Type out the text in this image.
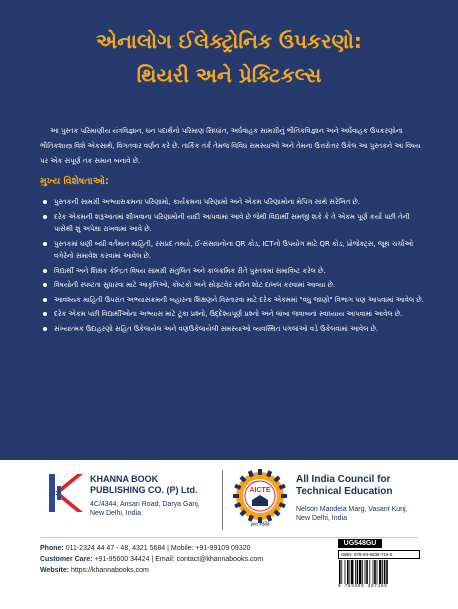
એનાલોગ ઈલેક્ટ્રોનિક ઉપકરણો:
થિયરી અને પ્રેક્ટિકલ્સ
આ પુસ્તક પરિમાણીય યંત્રવિજ્ઞાન, ઘન પદાર્થનો પરિમાણ સિધ્ધાંત, અર્ધવાહક સામગ્રીનું ભૌતિકવિજ્ઞાન અને અર્ધવાહક ઉપકરણોના ભૌતિકશાસ્ત્ર વિશે એકસાથે, વિગતવાર વર્ણન કરે છે. તાર્કિક તર્ક તેમજ વિવિધ સમસ્યાઓ અને તેમના ઉત્તરોત્તર ઉકેલ આ પુસ્તકને આ વિષય પર એક સંપૂર્ણ તક સમાન બનાવે છે.
મુખ્ય વિશેષતાઓ:
પુસ્તકની સામગ્રી અભ્યાસક્રમના પરિણામો, કાર્યક્રમના પરિણામો અને એકમ પરિણામોના મેપિંગ સાથે સંરેખિત છે.
દરેક એકમની શરૂઆતમાં શીખવાના પરિણામોની યાદી આપવામાં આવે છે જેથી વિદ્યાર્થી સમજી શકે કે તે એકમ પૂર્ણ કર્યા પછી તેની પાસેથી શું અપેક્ષા રાખવામાં આવે છે.
પુસ્તકમાં ઘણી બધી વર્તમાન માહિતી, રસપ્રદ તથ્યો, ઈ-સંસાધનોના QR કોડ, ICTનો ઉપયોગ માટે QR કોડ, પ્રોજેક્ટ્સ, જૂથ ચર્ચાઓ વગેરેનો સમાવેશ કરવામાં આવેલ છે.
વિદ્યાર્થી અને શિક્ષક કેન્દ્રિત વિષય સામગ્રી સંતુલિત અને કાલક્રમિક રીતે પુસ્તકમાં સમાવિષ્ટ કરેલ છે.
વિષયોની સ્પષ્ટતા સુધારવા માટે આકૃતિઓ, કોષ્ટકો અને સોફ્ટવેર સ્ક્રીન શોટ દાખલ કરવામાં આવ્યા છે.
આવશ્યક માહિતી ઉપરાંત અભ્યાસક્રમની બહારના શિક્ષણને વિસ્તારવા માટે દરેક એકમમાં "વધુ જાણો" વિભાગ પણ આપવામાં આવેલ છે.
દરેક એકમ પછી વિદ્યાર્થીઓના અભ્યાસ માટે ટૂંકા પ્રશ્નો, ઉદ્દેશ્યપૂર્ણ પ્રશ્નો અને લાંબા જવાબનાં સ્વાધ્યાય આપવામાં આવેલ છે.
સંખ્યાત્મક ઉદાહરણો સહિત ઉકેલાયેલ અને વણઉકેલાયેલી સમસ્યાઓ વ્યવસ્થિત પગલાંઓ વડે ઉકેલવામાં આવેલ છે.
KHANNA BOOK
PUBLISHING CO. (P) Ltd.
4C/4344, Ansari Road, Darya Ganj,
New Delhi, India
AICTE
ज्ञान शक्ति
All India Council for
Technical Education
Nelson Mandela Marg, Vasant Kunj,
New Delhi, India
Phone: 011-2324 44 47 - 48, 4321 5684 | Mobile: +91-99109 09320
Customer Care: +91-95600 34424 | Email: contact@khannabooks.com
Website: https://khannabooks.com
UG548GU
ISBN: 978-93-5538-716-5
9 789355 387165
